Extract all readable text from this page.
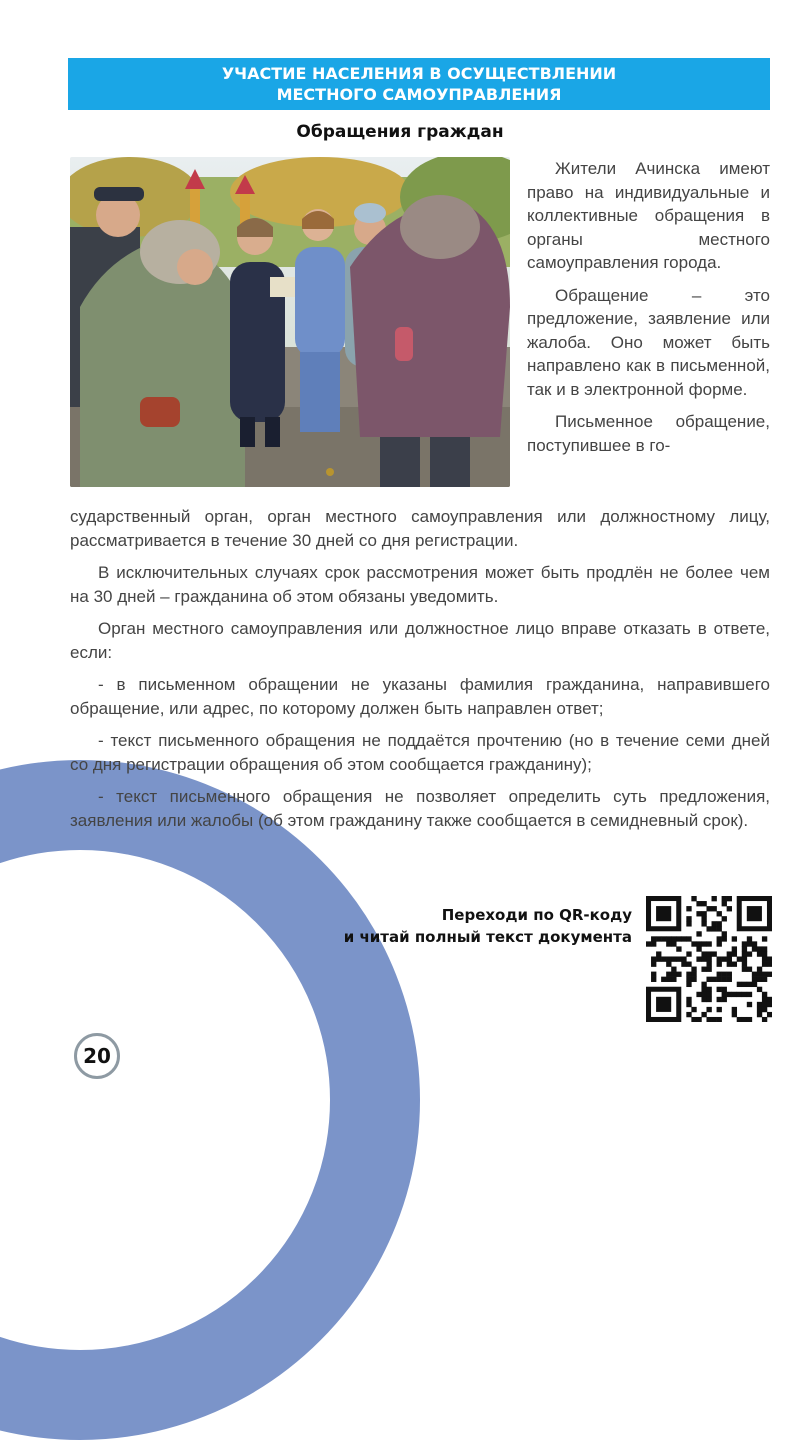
УЧАСТИЕ НАСЕЛЕНИЯ В ОСУЩЕСТВЛЕНИИ
МЕСТНОГО САМОУПРАВЛЕНИЯ
Обращения граждан

Жители Ачинска имеют право на индивидуальные и коллективные обращения в органы местного самоуправления города.

Обращение – это предложение, заявление или жалоба. Оно может быть направлено как в письменной, так и в электронной форме.

Письменное обращение, поступившее в го-

сударственный орган, орган местного самоуправления или должностному лицу, рассматривается в течение 30 дней со дня регистрации.

В исключительных случаях срок рассмотрения может быть продлён не более чем на 30 дней – гражданина об этом обязаны уведомить.

Орган местного самоуправления или должностное лицо вправе отказать в ответе, если:

- в письменном обращении не указаны фамилия гражданина, направившего обращение, или адрес, по которому должен быть направлен ответ;

- текст письменного обращения не поддаётся прочтению (но в течение семи дней со дня регистрации обращения об этом сообщается гражданину);

- текст письменного обращения не позволяет определить суть предложения, заявления или жалобы (об этом гражданину также сообщается в семидневный срок).

Переходи по QR-коду
и читай полный текст документа
20
